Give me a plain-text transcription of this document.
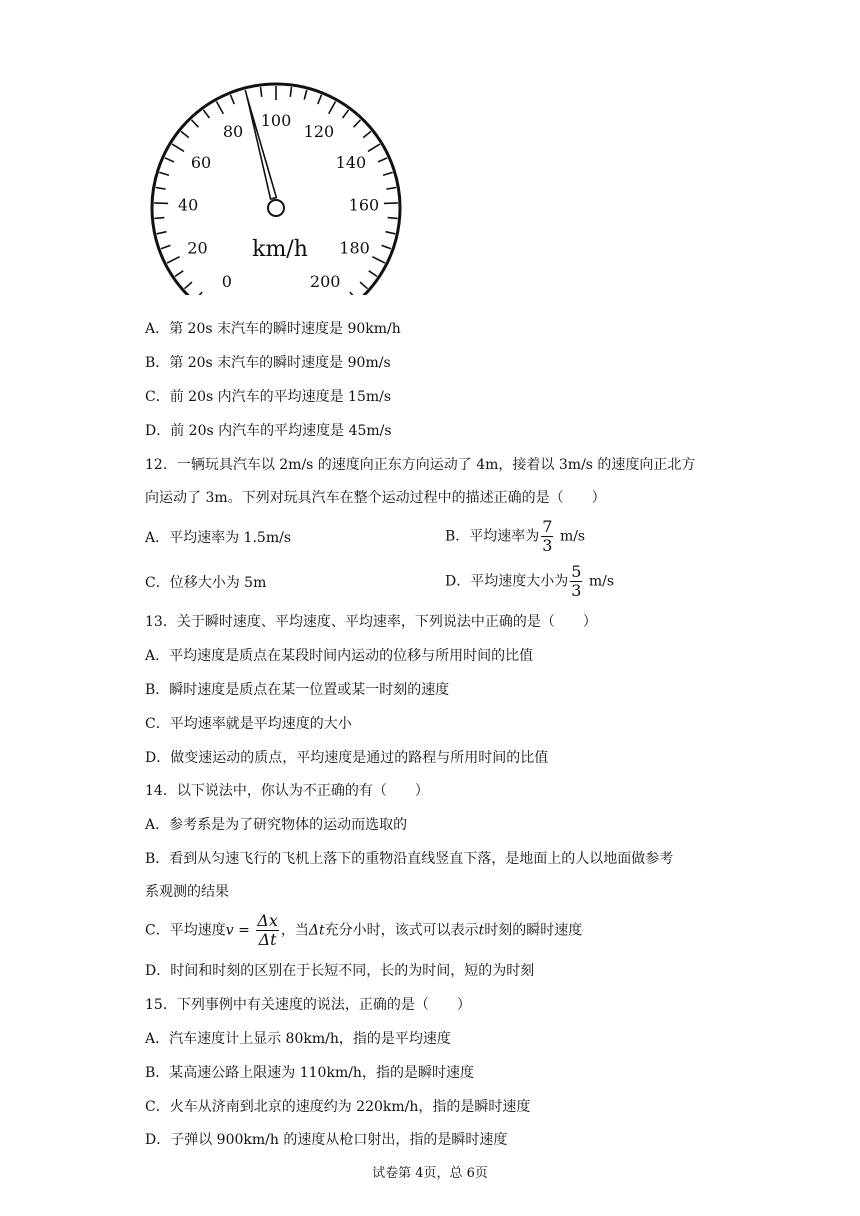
0
20
40
60
80
100
120
140
160
180
200
km/h
A．第 20s 末汽车的瞬时速度是 90km/h
B．第 20s 末汽车的瞬时速度是 90m/s
C．前 20s 内汽车的平均速度是 15m/s
D．前 20s 内汽车的平均速度是 45m/s
12．一辆玩具汽车以 2m/s 的速度向正东方向运动了 4m，接着以 3m/s 的速度向正北方
向运动了 3m。下列对玩具汽车在整个运动过程中的描述正确的是（　　）
A．平均速率为 1.5m/s	B．平均速率为 $\frac{7}{3} m/s$
C．位移大小为 5m	D．平均速度大小为 $\frac{5}{3} m/s$
13．关于瞬时速度、平均速度、平均速率，下列说法中正确的是（　　）
A．平均速度是质点在某段时间内运动的位移与所用时间的比值
B．瞬时速度是质点在某一位置或某一时刻的速度
C．平均速率就是平均速度的大小
D．做变速运动的质点，平均速度是通过的路程与所用时间的比值
14．以下说法中，你认为不正确的有（　　）
A．参考系是为了研究物体的运动而选取的
B．看到从匀速飞行的飞机上落下的重物沿直线竖直下落，是地面上的人以地面做参考
系观测的结果
C．平均速度$v = \frac{\Delta x}{\Delta t}$ ，当Δt充分小时，该式可以表示t时刻的瞬时速度
D．时间和时刻的区别在于长短不同，长的为时间，短的为时刻
15．下列事例中有关速度的说法，正确的是（　　）
A．汽车速度计上显示 80km/h，指的是平均速度
B．某高速公路上限速为 110km/h，指的是瞬时速度
C．火车从济南到北京的速度约为 220km/h，指的是瞬时速度
D．子弹以 900km/h 的速度从枪口射出，指的是瞬时速度
试卷第 4页，总 6页
